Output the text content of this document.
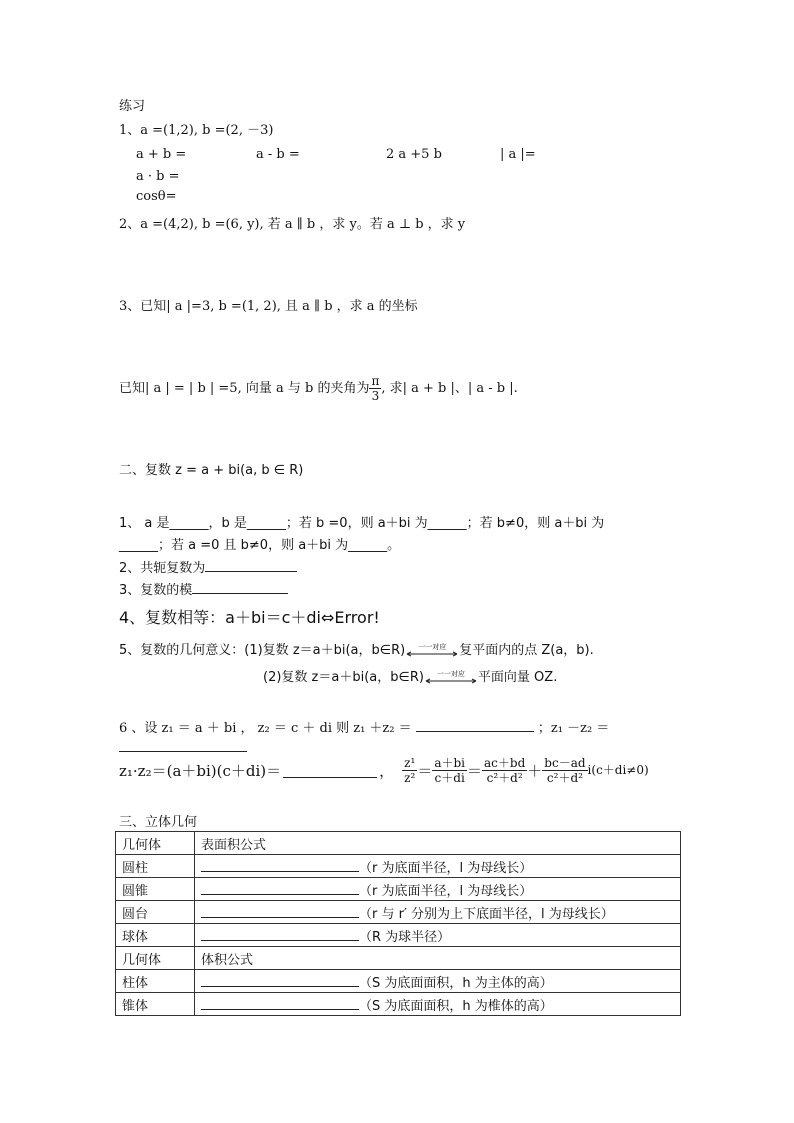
练习
1、a =(1,2), b =(2, －3)
a + b =	a - b =	2 a +5 b	| a |=
a · b =
cosθ=
2、a =(4,2), b =(6, y), 若 a ∥ b ，求 y。若 a ⊥ b ，求 y
3、已知| a |=3, b =(1, 2), 且 a ∥ b ，求 a 的坐标
已知| a | = | b | =5, 向量 a 与 b 的夹角为 $\frac{\pi}{3}$ , 求| a + b |、| a - b |.
二、复数 z = a + bi(a, b ∈ R)
1、 a 是______，b 是______；若 b =0，则 a＋bi 为______；若 b≠0，则 a＋bi 为
______；若 a =0 且 b≠0，则 a＋bi 为______。
2、共轭复数为
3、复数的模
4、复数相等：a＋bi＝c＋di⇔Error!
5、复数的几何意义：(1)复数 z＝a＋bi(a，b∈R)	一一对应	复平面内的点 Z(a，b).
(2)复数 z＝a＋bi(a，b∈R)	一一对应	平面向量 OZ.
6 、设 z₁ ＝ a ＋ bi ， z₂ ＝ c ＋ di 则 z₁ ＋z₂ ＝	；z₁ －z₂ ＝
z₁·z₂＝(a＋bi)(c＋di)＝	， $\frac{\text{z¹}}{\text{z²}} = \frac{a+bi}{c+di} = \frac{ac+bd}{\text{c²＋d²}} + \frac{bc-ad}{\text{c²＋d²}} i(c+di\ne 0)$
三、立体几何
几何体	表面积公式
圆柱	（r 为底面半径，l 为母线长）
圆锥	（r 为底面半径，l 为母线长）
圆台	（r 与 r′ 分别为上下底面半径，l 为母线长）
球体	（R 为球半径）
几何体	体积公式
柱体	（S 为底面面积，h 为主体的高）
锥体	（S 为底面面积，h 为椎体的高）
